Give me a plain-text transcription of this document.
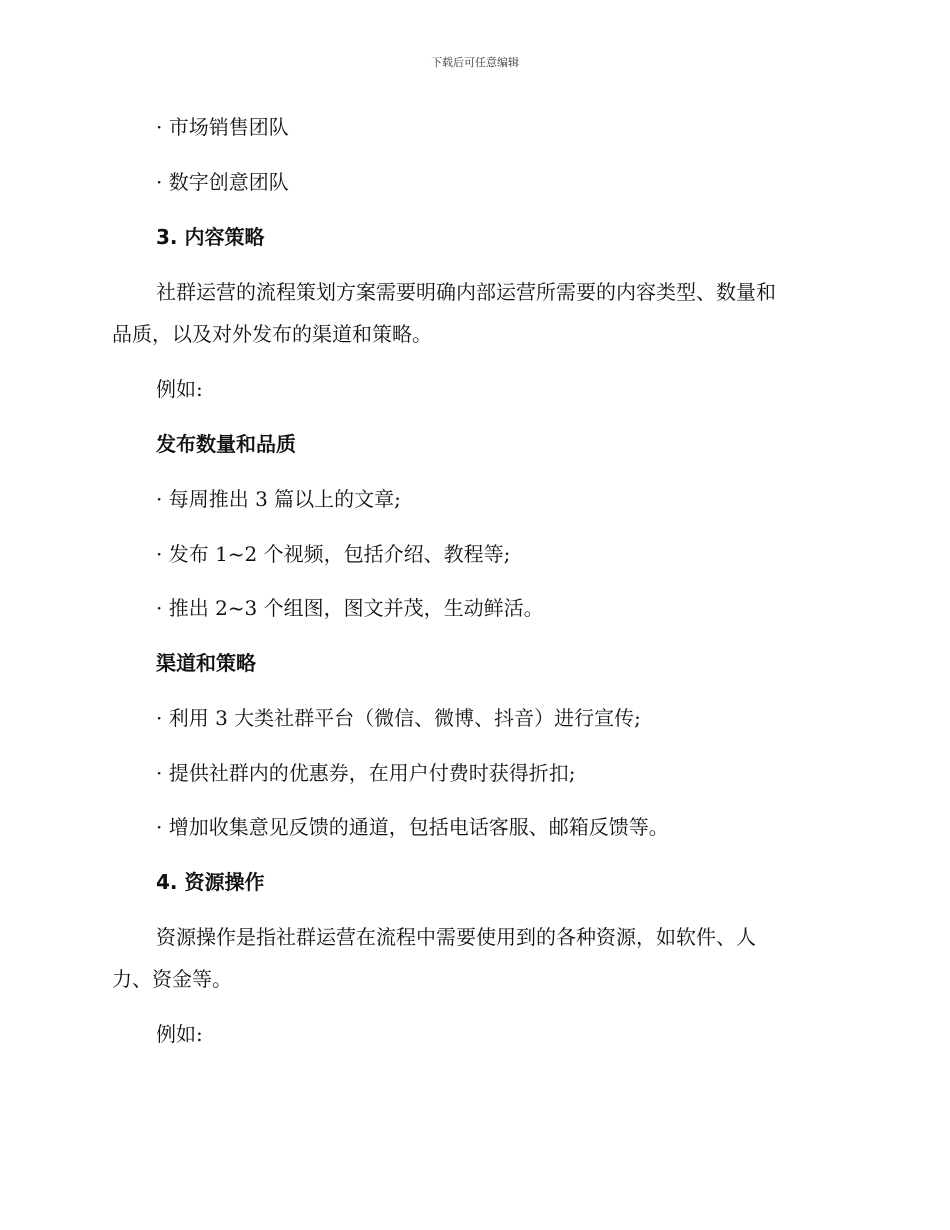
下载后可任意编辑
· 市场销售团队
· 数字创意团队
3. 内容策略
社群运营的流程策划方案需要明确内部运营所需要的内容类型、数量和
品质，以及对外发布的渠道和策略。
例如:
发布数量和品质
· 每周推出 3 篇以上的文章;
· 发布 1~2 个视频，包括介绍、教程等;
· 推出 2~3 个组图，图文并茂，生动鲜活。
渠道和策略
· 利用 3 大类社群平台（微信、微博、抖音）进行宣传;
· 提供社群内的优惠券，在用户付费时获得折扣;
· 增加收集意见反馈的通道，包括电话客服、邮箱反馈等。
4. 资源操作
资源操作是指社群运营在流程中需要使用到的各种资源，如软件、人
力、资金等。
例如:
